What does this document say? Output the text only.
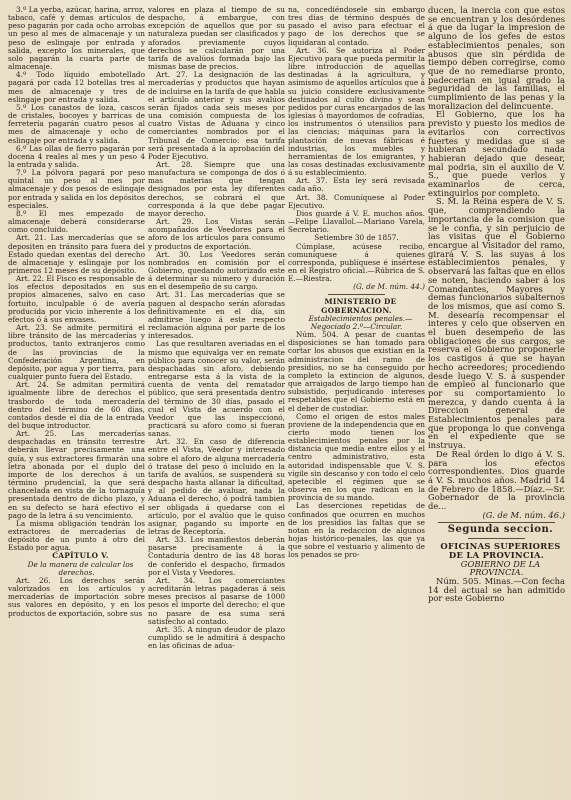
3.º La yerba, azúcar, harina, arroz, tabaco, café y demas artículos de peso pagarán por cada ocho arrobas un peso al mes de almacenaje y un peso de eslingaje por entrada y salida, excepto los minerales, que solo pagarán la cuarta parte de almacenaje.

4.º Todo líquido embotellado pagará por cada 12 botellas tres al mes de almacenaje y tres de eslingaje por entrada y salida.

5.º Los canastos de loza, cascos de cristales, bocoyes y barricas de ferretería pagarán cuatro pesos al mes de almacenaje y ocho de eslingaje por entrada y salida.

6.º Las ollas de fierro pagarán por docena 4 reales al mes y un peso 4 la entrada y salida.

7.º La pólvora pagará por peso quintal un peso al mes por almacenaje y dos pesos de eslingaje por entrada y salida en los depósitos especiales.

8.º El mes empezado de almacenaje deberá considerarse como concluido.

Art. 21. Las mercaderías que se depositen en tránsito para fuera del Estado quedan exentas del derecho de almacenaje y eslingaje por los primeros 12 meses de su depósito.

Art. 22. El Fisco es responsable de los efectos depositados en sus propios almacenes, salvo en caso fortuito, inculpable ó de avería producida por vicio inherente á los efectos ó á sus envases.

Art. 23. Se admite permitirá el libre tránsito de las mercaderías y productos, tanto extranjeros como de las provincias de la Confederación Argentina, en depósito, por agua y por tierra, para cualquier punto fuera del Estado.

Art. 24. Se admitan permitirá igualmente libre de derechos el trasbordo de toda mercadería dentro del término de 60 días, contados desde el día de la entrada del buque introductor.

Art. 25. Las mercaderías despachadas en tránsito terrestre deberán llevar precisamente una guía, y sus extractores firmarán una letra abonada por el duplo del importe de los derechos á un término prudencial, la que será chancelada en vista de la tornaguía presentada dentro de dicho plazo, y en su defecto se hará efectivo el pago de la letra á su vencimiento.

La misma obligación tendrán los extractores de mercaderías de depósito de un punto á otro del Estado por agua.

CAPÍTULO V.

De la manera de calcular los derechos.

Art. 26. Los derechos serán valorizados en los artículos y mercaderías de importación sobre sus valores en depósito, y en los productos de exportación, sobre sus

valores en plaza al tiempo de su despacho, á embargue, con excepción de aquellos que por su naturaleza puedan ser clasificados y aforados previamente cuyos derechos se calcularán por una tarifa de avalúos formada bajo las mismas base de precios.

Art. 27. La designación de las mercaderías y productos que hayan de incluirse en la tarifa de que habla el artículo anterior y sus avalúos serán fijados cada seis meses por una comisión compuesta de los cuatro Vistas de Aduana y cinco comerciantes nombrados por el Tribunal de Comercio: esa tarifa será presentada á la aprobación del Poder Ejecutivo.

Art. 28. Siempre que una manufactura se componga de dos ó mas materias que tengan designados por esta ley diferentes derechos, se cobrará el que corresponda á la que debe pagar mayor derecho.

Art. 29. Los Vistas serán acompañados de Veedores para el aforo de los artículos para consumo y productos de exportación.

Art. 30. Los Veedores serán nombrados en comisión por el Gobierno, quedando autorizado este á determinar su número y duración en el desempeño de su cargo.

Art. 31. Las mercaderías que se paguen al despacho serán aforadas definitivamente en el día, sin admitirse luego á este respecto reclamación alguna por parte de los interesados.

Las que resultaren averiadas en el mismo que equivalga ver en remate público para conocer su valor, serán despachadas sin aforo, debiendo entregarse esta á la vista de la cuenta de venta del rematador público, que será presentada dentro del término de 30 días, pasado el cual el Vista de acuerdo con el Veedor que las inspeccionó, practicará su aforo como si fueran sanas.

Art. 32. En caso de diferencia entre el Vista, Veedor y interesado sobre el aforo de alguna mercadería ó tratase del peso ó incluido en la tarifa de avalúos, se suspenderá su despacho hasta allanar la dificultad, y al pedido de avaluar, nada la Aduana el derecho, ó podrá tambien ser obligada á quedarse con el artículo, por el avalúo que le quiso asignar, pagando su importe en letras de Receptoría.

Art. 33. Los manifiestos deberán pasarse precisamente á la Contaduría dentro de las 48 horas de conferido el despacho, firmados por el Vista y Veedores.

Art. 34. Los comerciantes acreditarán letras pagaderas á seis meses precisos al pasarse de 1000 pesos el importe del derecho; el que no pasare de esa suma será satisfecho al contado.

Art. 35. A ningun deudor de plazo cumplido se le admitirá á despacho en las oficinas de adua-

na, concediéndosele sin embargo tres días de término después de pasado el aviso para efectuar el pago de los derechos que se liquidaran al contado.

Art. 36. Se autoriza al Poder Ejecutivo para que pueda permitir la libre introducción de aquellas destinadas á la agricultura, y asimismo de aquellos artículos que á su juicio considere exclusivamente destinados al culto divino y sean pedidos por curas encargados de las iglesias ó mayordomos de cofradías, los instrumentos ó utensilios para las ciencias; máquinas para la plantación de nuevas fábricas é industrias, los muebles y herramientas de los emigrantes, y las cosas destinadas exclusivamente á su establecimiento.

Art. 37. Esta ley será revisada cada año.

Art. 38. Comuníquese al Poder Ejecutivo.

Dios guarde á V. E. muchos años.—Felipe Llavallol.—Mariano Varela, Secretario.

Setiembre 30 de 1857.

Cúmplase, acúsese recibo, comuníquese á quienes corresponda, publíquese é insértese en el Registro oficial.—Rúbrica de S. E.—Riestra.

(G. de M. núm. 44.)

MINISTERIO DE GOBERNACION.

Establecimientos penales.—Negociado 2.º—Circular.

Núm. 504. A pesar de cuantas disposiciones se han tomado para cortar los abusos que existian en la administracion del ramo de presidios, no se ha conseguido por completo la extincion de algunos, que arraigados de largo tiempo han subsistido, perjudicando intereses respetables que el Gobierno está en el deber de custodiar.

Como el origen de estos males proviene de la independencia que en cierto modo tienen los establecimientos penales por la distancia que media entre ellos y el centro administrativo, esta autoridad indispensable que V. S. vigile sin descanso y con todo el celo apetecible el régimen que se observa en los que radican en la provincia de su mando.

Las deserciones repetidas de confinados que ocurren en muchos de los presidios las faltas que se notan en la redaccion de algunos hojas histórico-penales, las que ya que sobre el vestuario y alimento de los penados se pro-

ducen, la inercia con que estos se encuentran y los desórdenes á que da lugar la impresion de alguno de los gefes de estos establecimientos penales, son abusos que sin pérdida de tiempo deben corregirse, como que de no remediarse pronto, padecerian en igual grado la seguridad de las familias, el cumplimiento de las penas y la moralizacion del delincuente.

El Gobierno, que los ha previsto y puesto los medios de evitarlos con correctivos fuertes y medidas que si se hubieran secundado nada habieran dejado que desear, mal podria, sin el auxilio de V. S., que puede verlos y examinarlos de cerca, extinguirlos por completo.

S. M. la Reina espera de V. S. que, comprendiendo la importancia de la comision que se le confia, y sin perjuicio de las visitas que el Gobierno encargue al Visitador del ramo, girará V. S. las suyas á los establecimientos penales, y observará las faltas que en ellos se noten, haciendo saber á los Comandantes, Mayores y demas funcionarios subalternos de los mismos, que así como S. M. desearía recompensar el interes y celo que observen en el buen desempeño de las obligaciones de sus cargos, se reserva el Gobierno proponerle los castigos á que se hayan hecho acreedores; procediendo desde luego V. S. á suspender de empleo al funcionario que por su comportamiento lo merezca, y dando cuenta á la Direccion general de Establecimientos penales para que proponga lo que convenga en el expediente que se instruya.

De Real órden lo digo á V. S. para los efectos correspondientes. Dios guarde á V. S. muchos años. Madrid 14 de Febrero de 1858.—Díaz.—Sr. Gobernador de la provincia de...

(G. de M. núm. 46.)

Segunda seccion.

OFICINAS SUPERIORES DE LA PROVINCIA.

GOBIERNO DE LA PROVINCIA.

Núm. 505. Minas.—Con fecha 14 del actual se han admitido por este Gobierno
